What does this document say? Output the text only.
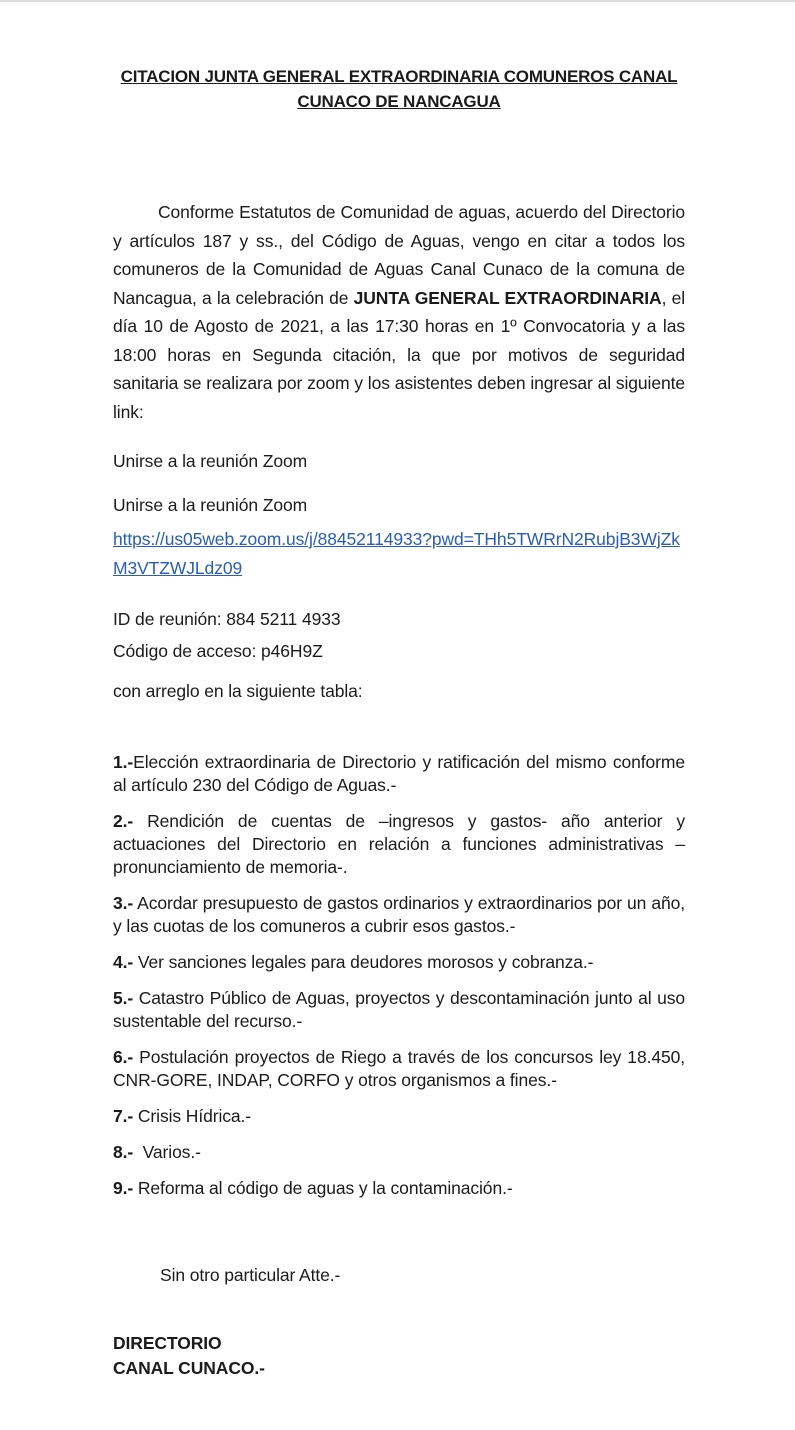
CITACION JUNTA GENERAL EXTRAORDINARIA COMUNEROS CANAL
CUNACO DE NANCAGUA

Conforme Estatutos de Comunidad de aguas, acuerdo del Directorio y artículos 187 y ss., del Código de Aguas, vengo en citar a todos los comuneros de la Comunidad de Aguas Canal Cunaco de la comuna de Nancagua, a la celebración de JUNTA GENERAL EXTRAORDINARIA, el día 10 de Agosto de 2021, a las 17:30 horas en 1º Convocatoria y a las 18:00 horas en Segunda citación, la que por motivos de seguridad sanitaria se realizara por zoom y los asistentes deben ingresar al siguiente link:

Unirse a la reunión Zoom

Unirse a la reunión Zoom

https://us05web.zoom.us/j/88452114933?pwd=THh5TWRrN2RubjB3WjZkM3VTZWJLdz09

ID de reunión: 884 5211 4933

Código de acceso: p46H9Z

con arreglo en la siguiente tabla:

1.-Elección extraordinaria de Directorio y ratificación del mismo conforme al artículo 230 del Código de Aguas.-

2.- Rendición de cuentas de –ingresos y gastos- año anterior y actuaciones del Directorio en relación a funciones administrativas –pronunciamiento de memoria-.

3.- Acordar presupuesto de gastos ordinarios y extraordinarios por un año, y las cuotas de los comuneros a cubrir esos gastos.-

4.- Ver sanciones legales para deudores morosos y cobranza.-

5.- Catastro Público de Aguas, proyectos y descontaminación junto al uso sustentable del recurso.-

6.- Postulación proyectos de Riego a través de los concursos ley 18.450, CNR-GORE, INDAP, CORFO y otros organismos a fines.-

7.- Crisis Hídrica.-

8.-  Varios.-

9.- Reforma al código de aguas y la contaminación.-

Sin otro particular Atte.-

DIRECTORIO
CANAL CUNACO.-
